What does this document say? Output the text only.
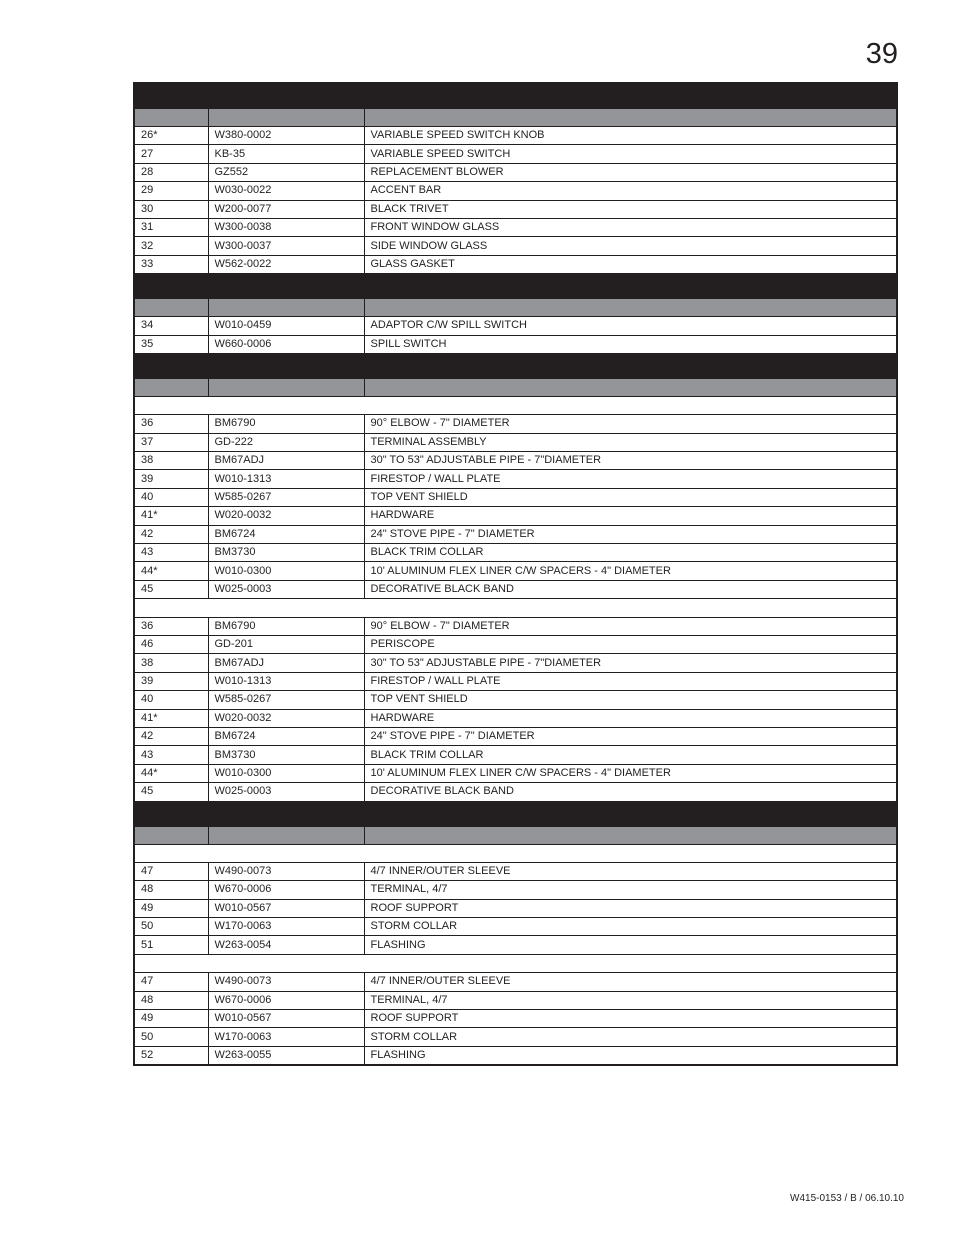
39

26*	W380-0002	VARIABLE SPEED SWITCH KNOB
27	KB-35	VARIABLE SPEED SWITCH
28	GZ552	REPLACEMENT BLOWER
29	W030-0022	ACCENT BAR
30	W200-0077	BLACK TRIVET
31	W300-0038	FRONT WINDOW GLASS
32	W300-0037	SIDE WINDOW GLASS
33	W562-0022	GLASS GASKET

34	W010-0459	ADAPTOR C/W SPILL SWITCH
35	W660-0006	SPILL SWITCH

36	BM6790	90° ELBOW - 7" DIAMETER
37	GD-222	TERMINAL ASSEMBLY
38	BM67ADJ	30" TO 53" ADJUSTABLE PIPE - 7"DIAMETER
39	W010-1313	FIRESTOP / WALL PLATE
40	W585-0267	TOP VENT SHIELD
41*	W020-0032	HARDWARE
42	BM6724	24" STOVE PIPE - 7" DIAMETER
43	BM3730	BLACK TRIM COLLAR
44*	W010-0300	10' ALUMINUM FLEX LINER C/W SPACERS - 4" DIAMETER
45	W025-0003	DECORATIVE BLACK BAND

36	BM6790	90° ELBOW - 7" DIAMETER
46	GD-201	PERISCOPE
38	BM67ADJ	30" TO 53" ADJUSTABLE PIPE - 7"DIAMETER
39	W010-1313	FIRESTOP / WALL PLATE
40	W585-0267	TOP VENT SHIELD
41*	W020-0032	HARDWARE
42	BM6724	24" STOVE PIPE - 7" DIAMETER
43	BM3730	BLACK TRIM COLLAR
44*	W010-0300	10' ALUMINUM FLEX LINER C/W SPACERS - 4" DIAMETER
45	W025-0003	DECORATIVE BLACK BAND

47	W490-0073	4/7 INNER/OUTER SLEEVE
48	W670-0006	TERMINAL, 4/7
49	W010-0567	ROOF SUPPORT
50	W170-0063	STORM COLLAR
51	W263-0054	FLASHING

47	W490-0073	4/7 INNER/OUTER SLEEVE
48	W670-0006	TERMINAL, 4/7
49	W010-0567	ROOF SUPPORT
50	W170-0063	STORM COLLAR
52	W263-0055	FLASHING
W415-0153 / B / 06.10.10
